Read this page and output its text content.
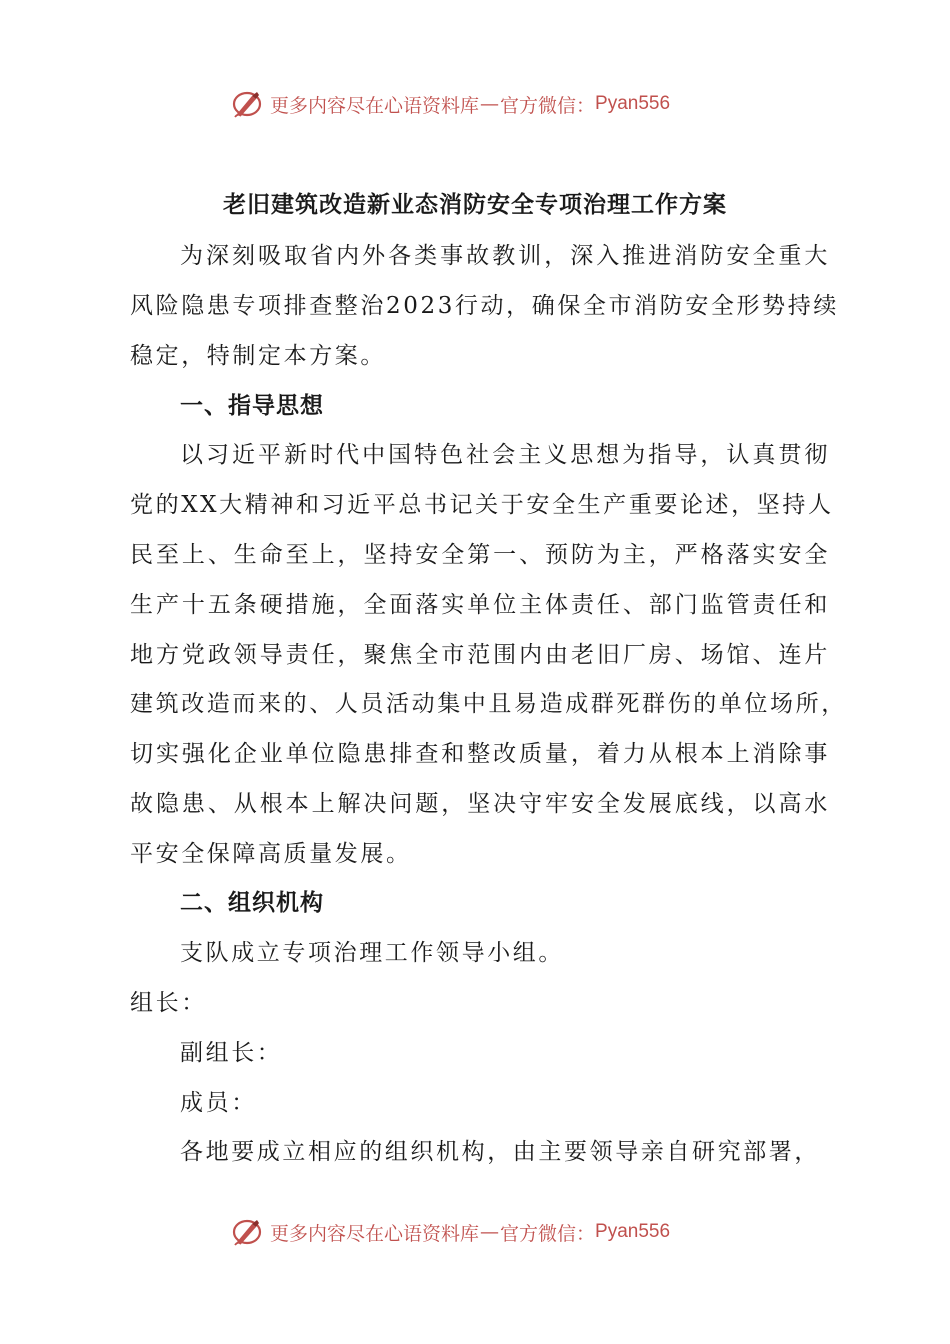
更多内容尽在心语资料库 — 官方微信： Pyan556
老旧建筑改造新业态消防安全专项治理工作方案
为深刻吸取省内外各类事故教训，深入推进消防安全重大
风险隐患专项排查整治2023行动，确保全市消防安全形势持续
稳定，特制定本方案。
一、指导思想
以习近平新时代中国特色社会主义思想为指导，认真贯彻
党的XX大精神和习近平总书记关于安全生产重要论述，坚持人
民至上、生命至上，坚持安全第一、预防为主，严格落实安全
生产十五条硬措施，全面落实单位主体责任、部门监管责任和
地方党政领导责任，聚焦全市范围内由老旧厂房、场馆、连片
建筑改造而来的、人员活动集中且易造成群死群伤的单位场所，
切实强化企业单位隐患排查和整改质量，着力从根本上消除事
故隐患、从根本上解决问题，坚决守牢安全发展底线，以高水
平安全保障高质量发展。
二、组织机构
支队成立专项治理工作领导小组。
组长：
副组长：
成员：
各地要成立相应的组织机构，由主要领导亲自研究部署，
更多内容尽在心语资料库 — 官方微信： Pyan556
